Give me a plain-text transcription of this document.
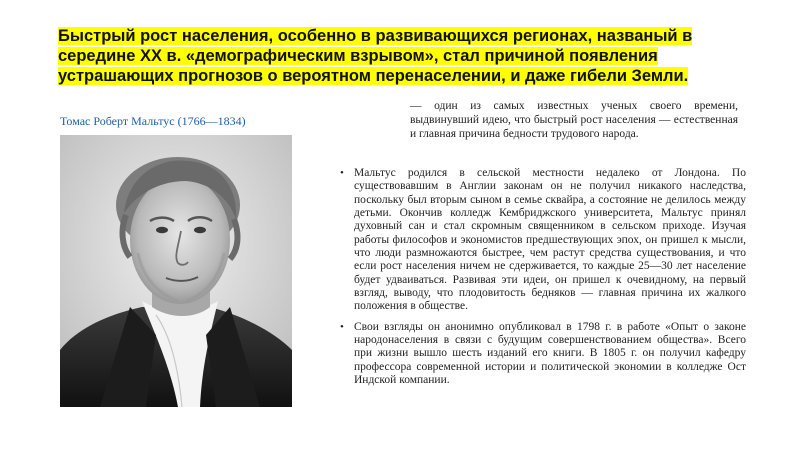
Быстрый рост населения, особенно в развивающихся регионах, названый в середине XX в. «демографическим взрывом», стал причиной появления устрашающих прогнозов о вероятном перенаселении, и даже гибели Земли.
Томас Роберт Мальтус (1766—1834)

— один из самых известных ученых своего времени, выдвинувший идею, что быстрый рост населения — естественная и главная причина бедности трудового народа.

• Мальтус родился в сельской местности недалеко от Лондона. По существовавшим в Англии законам он не получил никакого наследства, поскольку был вторым сыном в семье сквайра, а состояние не делилось между детьми. Окончив колледж Кембриджского университета, Мальтус принял духовный сан и стал скромным священником в сельском приходе. Изучая работы философов и экономистов предшествующих эпох, он пришел к мысли, что люди размножаются быстрее, чем растут средства существования, и что если рост населения ничем не сдерживается, то каждые 25—30 лет население будет удваиваться. Развивая эти идеи, он пришел к очевидному, на первый взгляд, выводу, что плодовитость бедняков — главная причина их жалкого положения в обществе.
• Свои взгляды он анонимно опубликовал в 1798 г. в работе «Опыт о законе народонаселения в связи с будущим совершенствованием общества». Всего при жизни вышло шесть изданий его книги. В 1805 г. он получил кафедру профессора современной истории и политической экономии в колледже Ост Индской компании.
